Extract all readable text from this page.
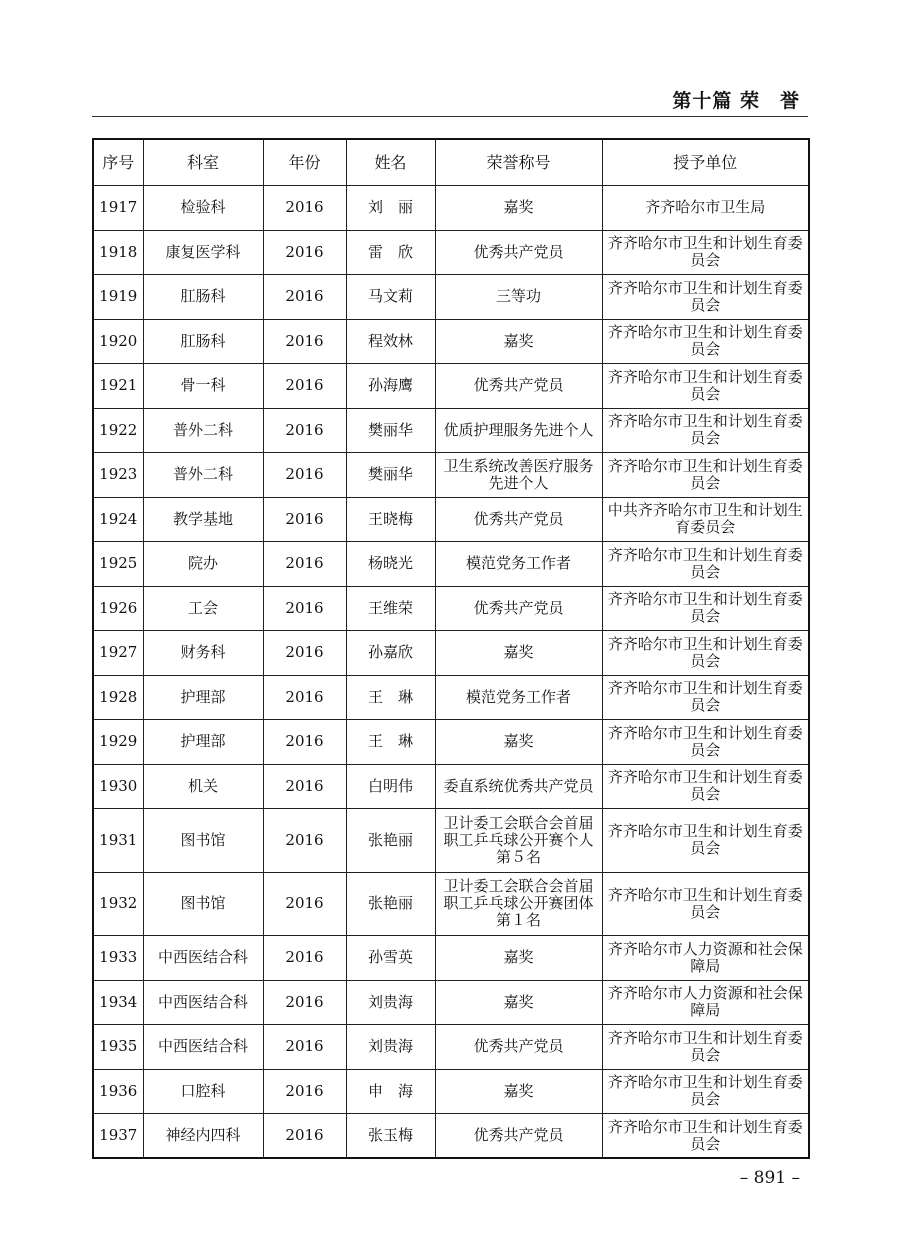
第十篇 荣　誉
序号	科室	年份	姓名	荣誉称号	授予单位
1917	检验科	2016	刘　丽	嘉奖	齐齐哈尔市卫生局
1918	康复医学科	2016	雷　欣	优秀共产党员	齐齐哈尔市卫生和计划生育委员会
1919	肛肠科	2016	马文莉	三等功	齐齐哈尔市卫生和计划生育委员会
1920	肛肠科	2016	程效林	嘉奖	齐齐哈尔市卫生和计划生育委员会
1921	骨一科	2016	孙海鹰	优秀共产党员	齐齐哈尔市卫生和计划生育委员会
1922	普外二科	2016	樊丽华	优质护理服务先进个人	齐齐哈尔市卫生和计划生育委员会
1923	普外二科	2016	樊丽华	卫生系统改善医疗服务先进个人	齐齐哈尔市卫生和计划生育委员会
1924	教学基地	2016	王晓梅	优秀共产党员	中共齐齐哈尔市卫生和计划生育委员会
1925	院办	2016	杨晓光	模范党务工作者	齐齐哈尔市卫生和计划生育委员会
1926	工会	2016	王维荣	优秀共产党员	齐齐哈尔市卫生和计划生育委员会
1927	财务科	2016	孙嘉欣	嘉奖	齐齐哈尔市卫生和计划生育委员会
1928	护理部	2016	王　琳	模范党务工作者	齐齐哈尔市卫生和计划生育委员会
1929	护理部	2016	王　琳	嘉奖	齐齐哈尔市卫生和计划生育委员会
1930	机关	2016	白明伟	委直系统优秀共产党员	齐齐哈尔市卫生和计划生育委员会
1931	图书馆	2016	张艳丽	卫计委工会联合会首届职工乒乓球公开赛个人第５名	齐齐哈尔市卫生和计划生育委员会
1932	图书馆	2016	张艳丽	卫计委工会联合会首届职工乒乓球公开赛团体第１名	齐齐哈尔市卫生和计划生育委员会
1933	中西医结合科	2016	孙雪英	嘉奖	齐齐哈尔市人力资源和社会保障局
1934	中西医结合科	2016	刘贵海	嘉奖	齐齐哈尔市人力资源和社会保障局
1935	中西医结合科	2016	刘贵海	优秀共产党员	齐齐哈尔市卫生和计划生育委员会
1936	口腔科	2016	申　海	嘉奖	齐齐哈尔市卫生和计划生育委员会
1937	神经内四科	2016	张玉梅	优秀共产党员	齐齐哈尔市卫生和计划生育委员会
– 891 –
